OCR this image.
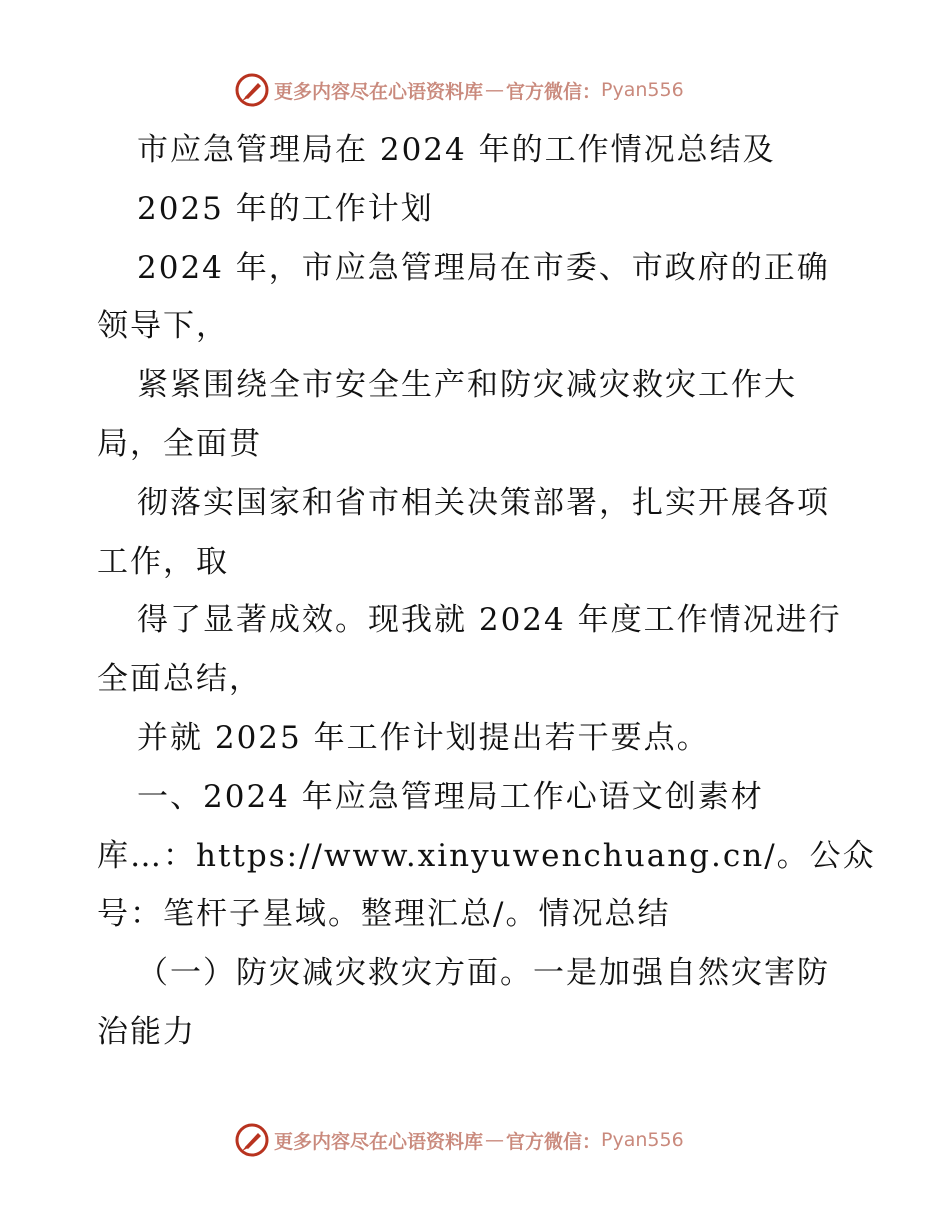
更多内容尽在心语资料库 — 官方微信： Pyan556
市应急管理局在 2024 年的工作情况总结及
2025 年的工作计划
2024 年，市应急管理局在市委、市政府的正确
领导下，
紧紧围绕全市安全生产和防灾减灾救灾工作大
局，全面贯
彻落实国家和省市相关决策部署，扎实开展各项
工作，取
得了显著成效。现我就 2024 年度工作情况进行
全面总结，
并就 2025 年工作计划提出若干要点。
一、2024 年应急管理局工作心语文创素材
库…：https://www.xinyuwenchuang.cn/。公众
号：笔杆子星域。整理汇总/。情况总结
（一）防灾减灾救灾方面。一是加强自然灾害防
治能力
更多内容尽在心语资料库 — 官方微信： Pyan556
